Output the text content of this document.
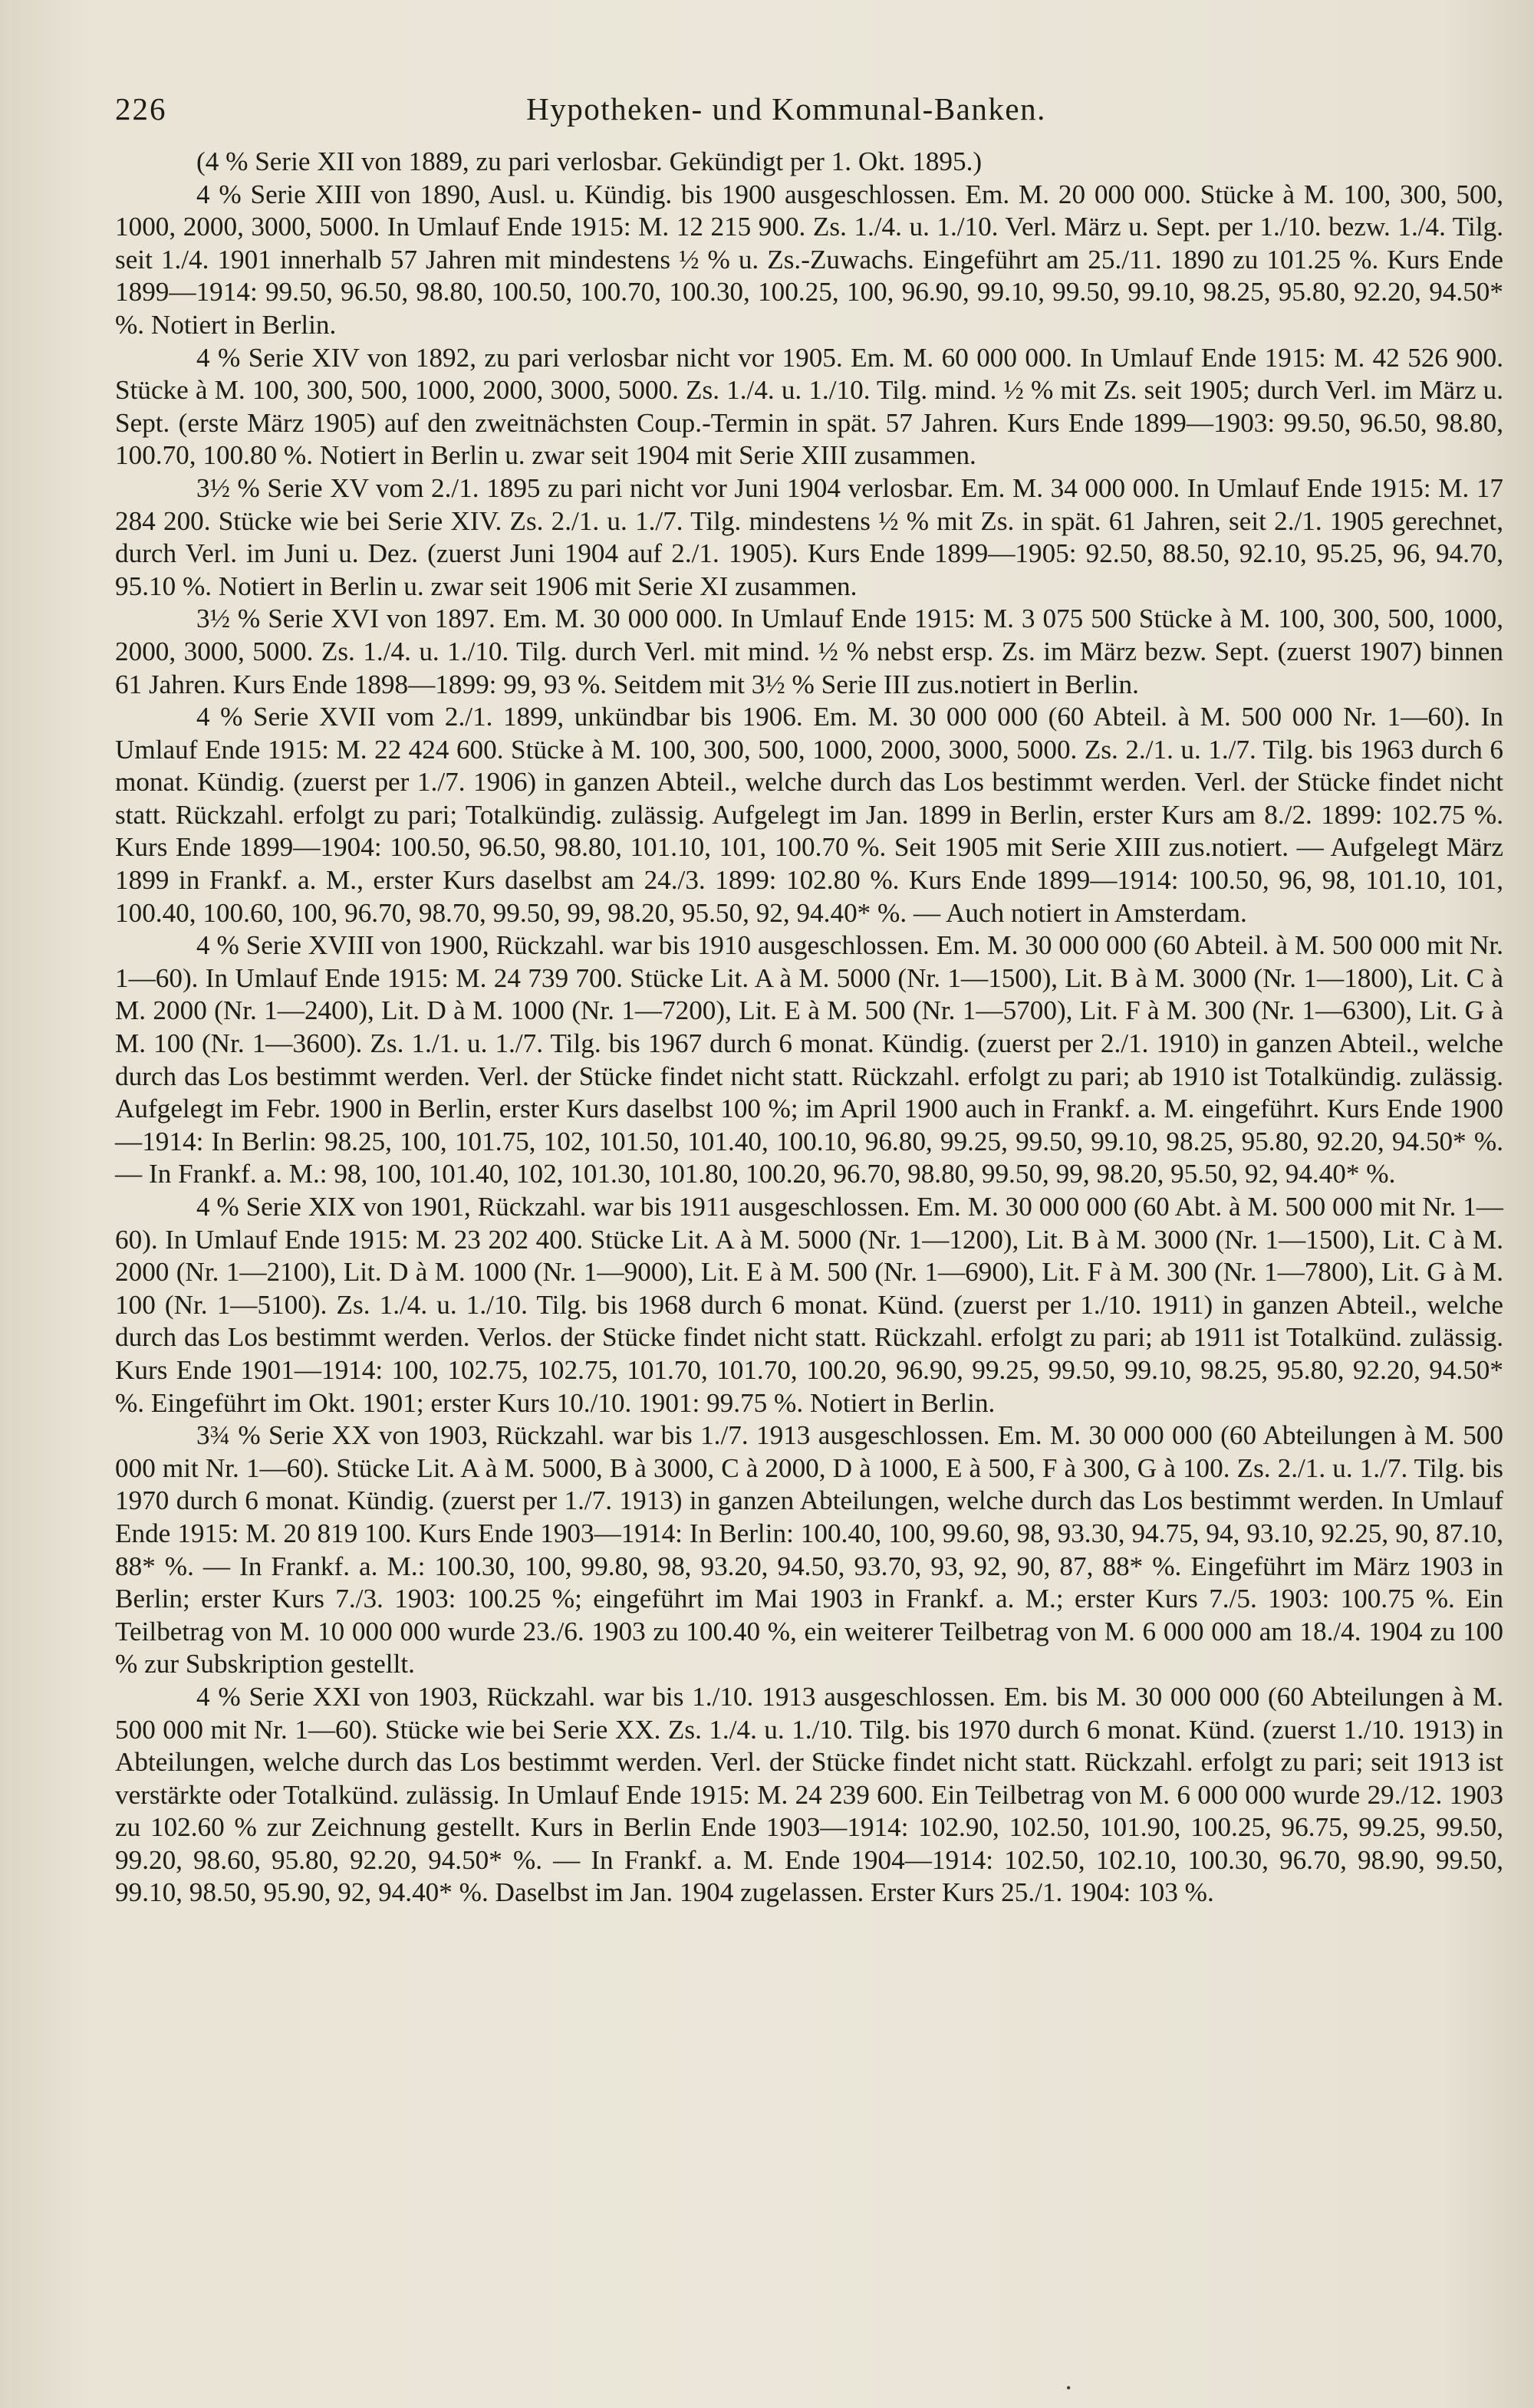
226	Hypotheken- und Kommunal-Banken.

(4 % Serie XII von 1889, zu pari verlosbar. Gekündigt per 1. Okt. 1895.)

4 % Serie XIII von 1890, Ausl. u. Kündig. bis 1900 ausgeschlossen. Em. M. 20 000 000. Stücke à M. 100, 300, 500, 1000, 2000, 3000, 5000. In Umlauf Ende 1915: M. 12 215 900. Zs. 1./4. u. 1./10. Verl. März u. Sept. per 1./10. bezw. 1./4. Tilg. seit 1./4. 1901 innerhalb 57 Jahren mit mindestens ½ % u. Zs.-Zuwachs. Eingeführt am 25./11. 1890 zu 101.25 %. Kurs Ende 1899—1914: 99.50, 96.50, 98.80, 100.50, 100.70, 100.30, 100.25, 100, 96.90, 99.10, 99.50, 99.10, 98.25, 95.80, 92.20, 94.50* %. Notiert in Berlin.

4 % Serie XIV von 1892, zu pari verlosbar nicht vor 1905. Em. M. 60 000 000. In Umlauf Ende 1915: M. 42 526 900. Stücke à M. 100, 300, 500, 1000, 2000, 3000, 5000. Zs. 1./4. u. 1./10. Tilg. mind. ½ % mit Zs. seit 1905; durch Verl. im März u. Sept. (erste März 1905) auf den zweitnächsten Coup.-Termin in spät. 57 Jahren. Kurs Ende 1899—1903: 99.50, 96.50, 98.80, 100.70, 100.80 %. Notiert in Berlin u. zwar seit 1904 mit Serie XIII zusammen.

3½ % Serie XV vom 2./1. 1895 zu pari nicht vor Juni 1904 verlosbar. Em. M. 34 000 000. In Umlauf Ende 1915: M. 17 284 200. Stücke wie bei Serie XIV. Zs. 2./1. u. 1./7. Tilg. mindestens ½ % mit Zs. in spät. 61 Jahren, seit 2./1. 1905 gerechnet, durch Verl. im Juni u. Dez. (zuerst Juni 1904 auf 2./1. 1905). Kurs Ende 1899—1905: 92.50, 88.50, 92.10, 95.25, 96, 94.70, 95.10 %. Notiert in Berlin u. zwar seit 1906 mit Serie XI zusammen.

3½ % Serie XVI von 1897. Em. M. 30 000 000. In Umlauf Ende 1915: M. 3 075 500 Stücke à M. 100, 300, 500, 1000, 2000, 3000, 5000. Zs. 1./4. u. 1./10. Tilg. durch Verl. mit mind. ½ % nebst ersp. Zs. im März bezw. Sept. (zuerst 1907) binnen 61 Jahren. Kurs Ende 1898—1899: 99, 93 %. Seitdem mit 3½ % Serie III zus.notiert in Berlin.

4 % Serie XVII vom 2./1. 1899, unkündbar bis 1906. Em. M. 30 000 000 (60 Abteil. à M. 500 000 Nr. 1—60). In Umlauf Ende 1915: M. 22 424 600. Stücke à M. 100, 300, 500, 1000, 2000, 3000, 5000. Zs. 2./1. u. 1./7. Tilg. bis 1963 durch 6 monat. Kündig. (zuerst per 1./7. 1906) in ganzen Abteil., welche durch das Los bestimmt werden. Verl. der Stücke findet nicht statt. Rückzahl. erfolgt zu pari; Totalkündig. zulässig. Aufgelegt im Jan. 1899 in Berlin, erster Kurs am 8./2. 1899: 102.75 %. Kurs Ende 1899—1904: 100.50, 96.50, 98.80, 101.10, 101, 100.70 %. Seit 1905 mit Serie XIII zus.notiert. — Aufgelegt März 1899 in Frankf. a. M., erster Kurs daselbst am 24./3. 1899: 102.80 %. Kurs Ende 1899—1914: 100.50, 96, 98, 101.10, 101, 100.40, 100.60, 100, 96.70, 98.70, 99.50, 99, 98.20, 95.50, 92, 94.40* %. — Auch notiert in Amsterdam.

4 % Serie XVIII von 1900, Rückzahl. war bis 1910 ausgeschlossen. Em. M. 30 000 000 (60 Abteil. à M. 500 000 mit Nr. 1—60). In Umlauf Ende 1915: M. 24 739 700. Stücke Lit. A à M. 5000 (Nr. 1—1500), Lit. B à M. 3000 (Nr. 1—1800), Lit. C à M. 2000 (Nr. 1—2400), Lit. D à M. 1000 (Nr. 1—7200), Lit. E à M. 500 (Nr. 1—5700), Lit. F à M. 300 (Nr. 1—6300), Lit. G à M. 100 (Nr. 1—3600). Zs. 1./1. u. 1./7. Tilg. bis 1967 durch 6 monat. Kündig. (zuerst per 2./1. 1910) in ganzen Abteil., welche durch das Los bestimmt werden. Verl. der Stücke findet nicht statt. Rückzahl. erfolgt zu pari; ab 1910 ist Totalkündig. zulässig. Aufgelegt im Febr. 1900 in Berlin, erster Kurs daselbst 100 %; im April 1900 auch in Frankf. a. M. eingeführt. Kurs Ende 1900—1914: In Berlin: 98.25, 100, 101.75, 102, 101.50, 101.40, 100.10, 96.80, 99.25, 99.50, 99.10, 98.25, 95.80, 92.20, 94.50* %. — In Frankf. a. M.: 98, 100, 101.40, 102, 101.30, 101.80, 100.20, 96.70, 98.80, 99.50, 99, 98.20, 95.50, 92, 94.40* %.

4 % Serie XIX von 1901, Rückzahl. war bis 1911 ausgeschlossen. Em. M. 30 000 000 (60 Abt. à M. 500 000 mit Nr. 1—60). In Umlauf Ende 1915: M. 23 202 400. Stücke Lit. A à M. 5000 (Nr. 1—1200), Lit. B à M. 3000 (Nr. 1—1500), Lit. C à M. 2000 (Nr. 1—2100), Lit. D à M. 1000 (Nr. 1—9000), Lit. E à M. 500 (Nr. 1—6900), Lit. F à M. 300 (Nr. 1—7800), Lit. G à M. 100 (Nr. 1—5100). Zs. 1./4. u. 1./10. Tilg. bis 1968 durch 6 monat. Künd. (zuerst per 1./10. 1911) in ganzen Abteil., welche durch das Los bestimmt werden. Verlos. der Stücke findet nicht statt. Rückzahl. erfolgt zu pari; ab 1911 ist Totalkünd. zulässig. Kurs Ende 1901—1914: 100, 102.75, 102.75, 101.70, 101.70, 100.20, 96.90, 99.25, 99.50, 99.10, 98.25, 95.80, 92.20, 94.50* %. Eingeführt im Okt. 1901; erster Kurs 10./10. 1901: 99.75 %. Notiert in Berlin.

3¾ % Serie XX von 1903, Rückzahl. war bis 1./7. 1913 ausgeschlossen. Em. M. 30 000 000 (60 Abteilungen à M. 500 000 mit Nr. 1—60). Stücke Lit. A à M. 5000, B à 3000, C à 2000, D à 1000, E à 500, F à 300, G à 100. Zs. 2./1. u. 1./7. Tilg. bis 1970 durch 6 monat. Kündig. (zuerst per 1./7. 1913) in ganzen Abteilungen, welche durch das Los bestimmt werden. In Umlauf Ende 1915: M. 20 819 100. Kurs Ende 1903—1914: In Berlin: 100.40, 100, 99.60, 98, 93.30, 94.75, 94, 93.10, 92.25, 90, 87.10, 88* %. — In Frankf. a. M.: 100.30, 100, 99.80, 98, 93.20, 94.50, 93.70, 93, 92, 90, 87, 88* %. Eingeführt im März 1903 in Berlin; erster Kurs 7./3. 1903: 100.25 %; eingeführt im Mai 1903 in Frankf. a. M.; erster Kurs 7./5. 1903: 100.75 %. Ein Teilbetrag von M. 10 000 000 wurde 23./6. 1903 zu 100.40 %, ein weiterer Teilbetrag von M. 6 000 000 am 18./4. 1904 zu 100 % zur Subskription gestellt.

4 % Serie XXI von 1903, Rückzahl. war bis 1./10. 1913 ausgeschlossen. Em. bis M. 30 000 000 (60 Abteilungen à M. 500 000 mit Nr. 1—60). Stücke wie bei Serie XX. Zs. 1./4. u. 1./10. Tilg. bis 1970 durch 6 monat. Künd. (zuerst 1./10. 1913) in Abteilungen, welche durch das Los bestimmt werden. Verl. der Stücke findet nicht statt. Rückzahl. erfolgt zu pari; seit 1913 ist verstärkte oder Totalkünd. zulässig. In Umlauf Ende 1915: M. 24 239 600. Ein Teilbetrag von M. 6 000 000 wurde 29./12. 1903 zu 102.60 % zur Zeichnung gestellt. Kurs in Berlin Ende 1903—1914: 102.90, 102.50, 101.90, 100.25, 96.75, 99.25, 99.50, 99.20, 98.60, 95.80, 92.20, 94.50* %. — In Frankf. a. M. Ende 1904—1914: 102.50, 102.10, 100.30, 96.70, 98.90, 99.50, 99.10, 98.50, 95.90, 92, 94.40* %. Daselbst im Jan. 1904 zugelassen. Erster Kurs 25./1. 1904: 103 %.

•
